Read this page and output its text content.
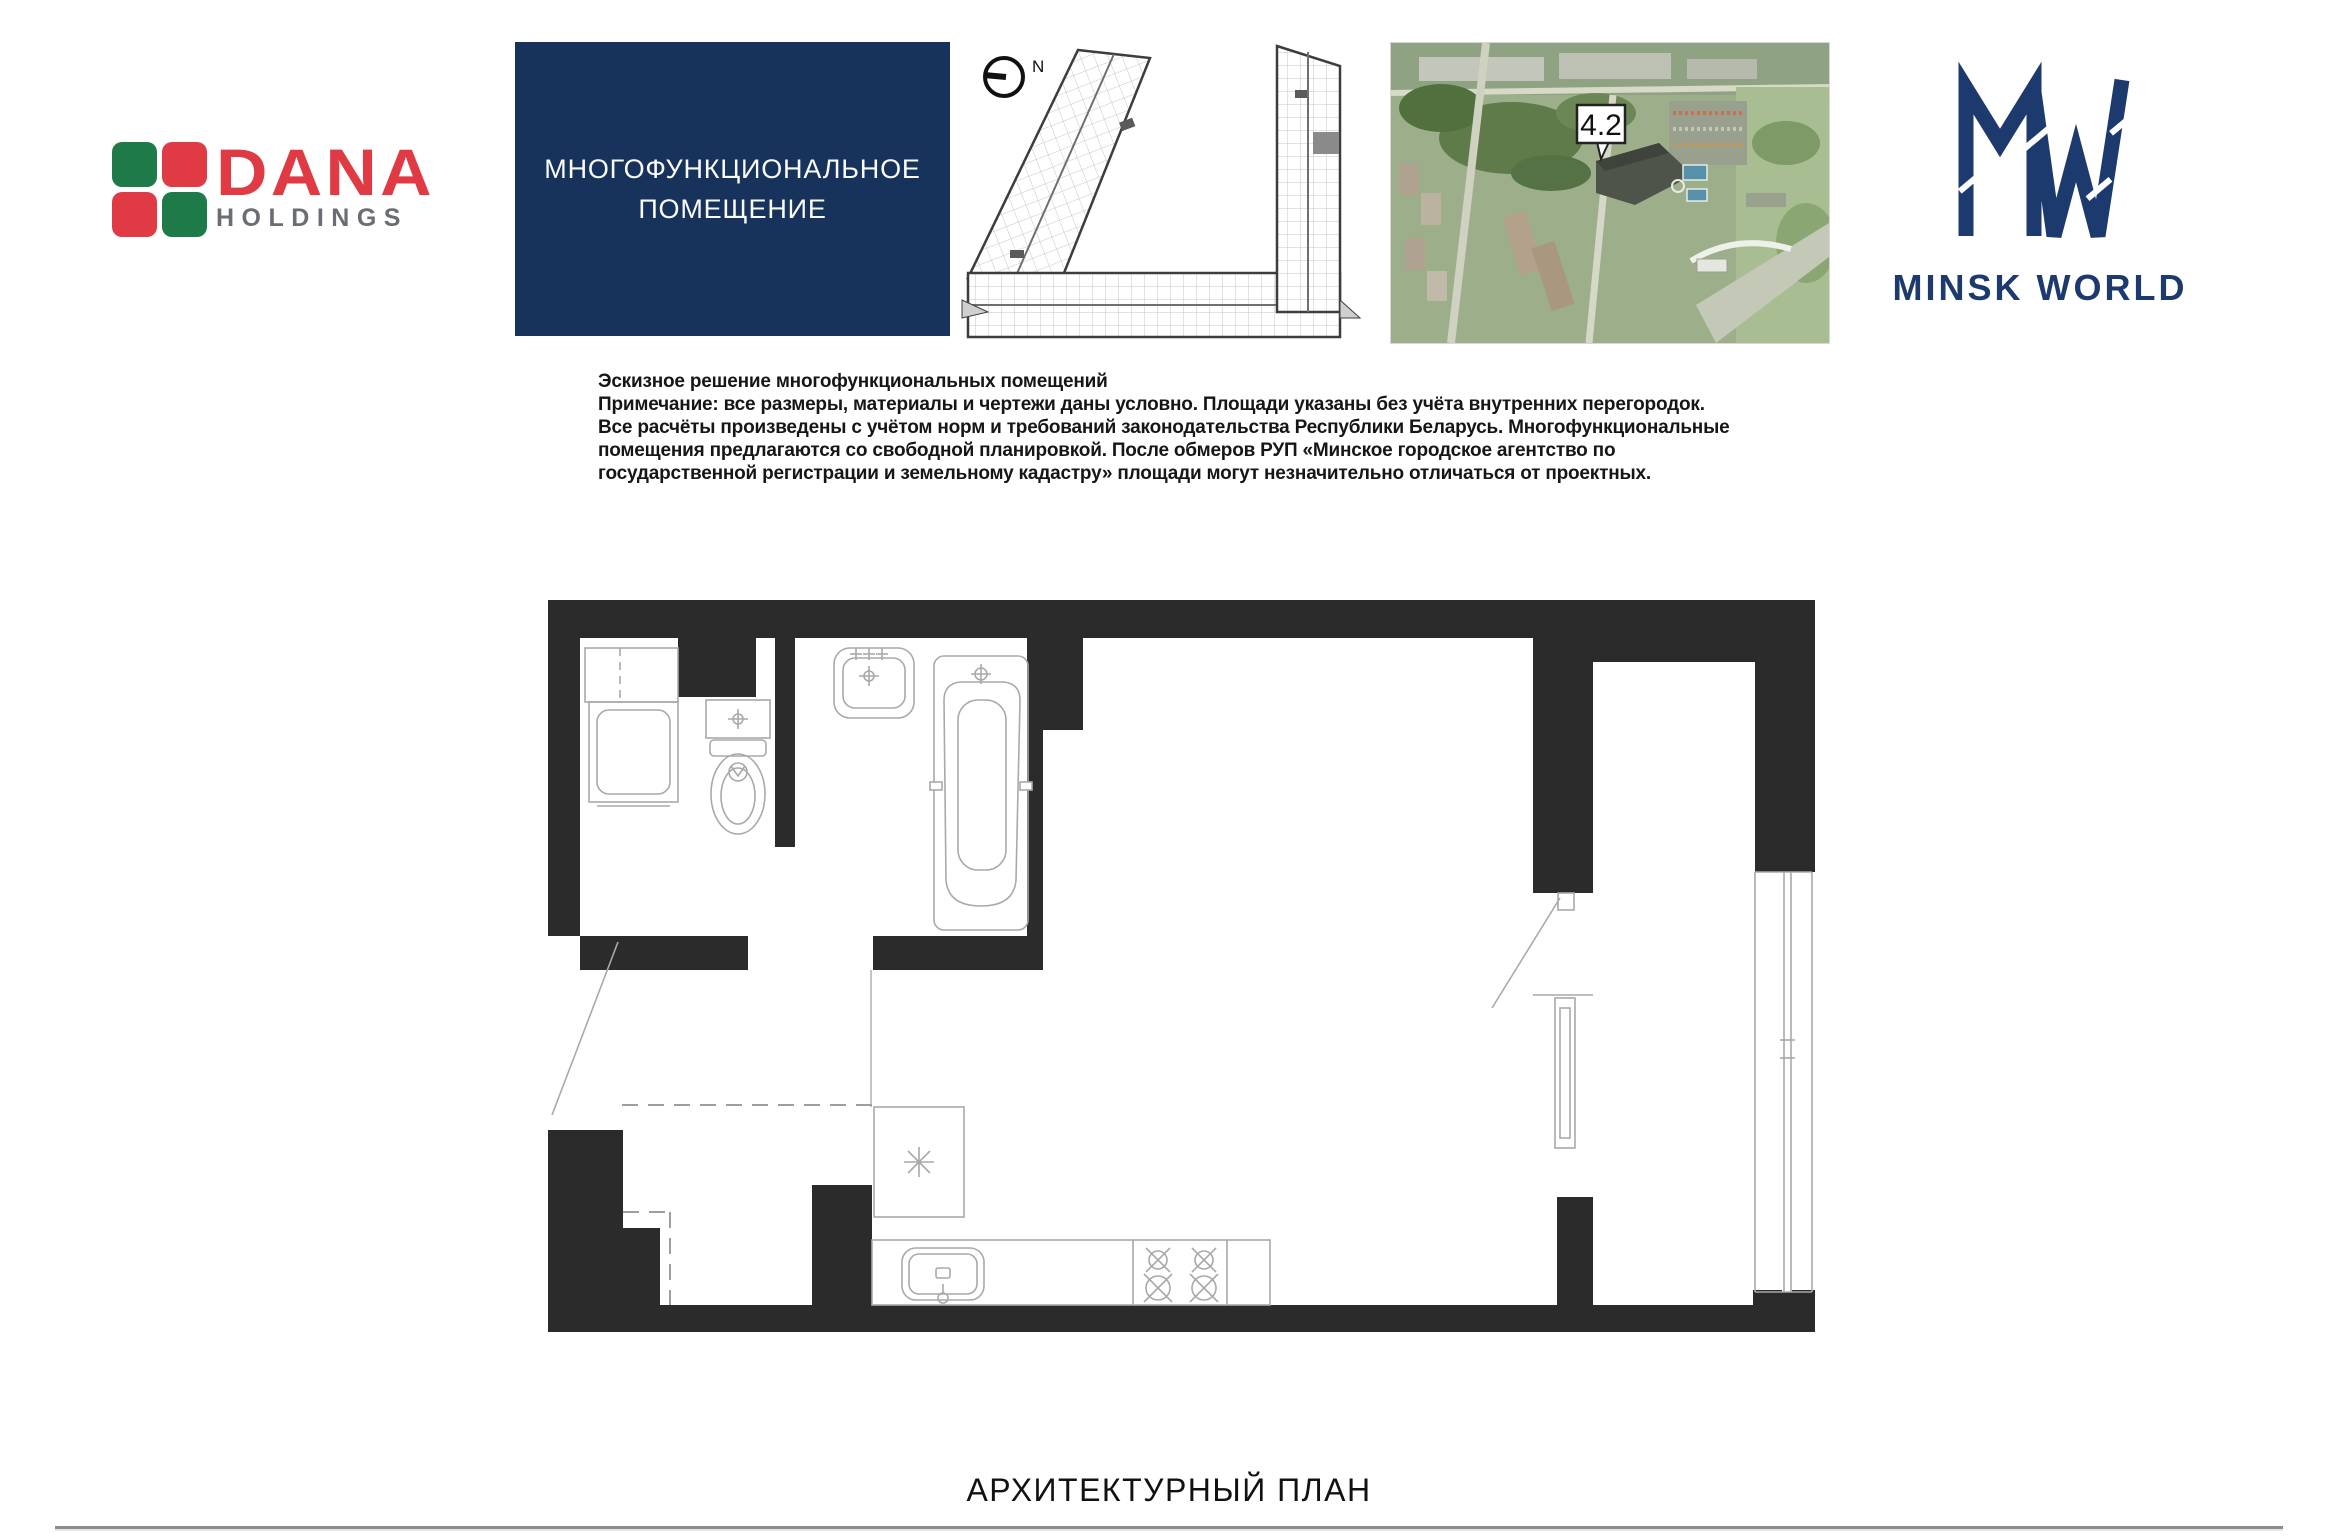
DANA
HOLDINGS
МНОГОФУНКЦИОНАЛЬНОЕ
ПОМЕЩЕНИЕ
N
4.2
MINSK WORLD
Эскизное решение многофункциональных помещений
Примечание: все размеры, материалы и чертежи даны условно. Площади указаны без учёта внутренних перегородок.
Все расчёты произведены с учётом норм и требований законодательства Республики Беларусь. Многофункциональные
помещения предлагаются со свободной планировкой. После обмеров РУП «Минское городское агентство по
государственной регистрации и земельному кадастру» площади могут незначительно отличаться от проектных.
АРХИТЕКТУРНЫЙ ПЛАН
